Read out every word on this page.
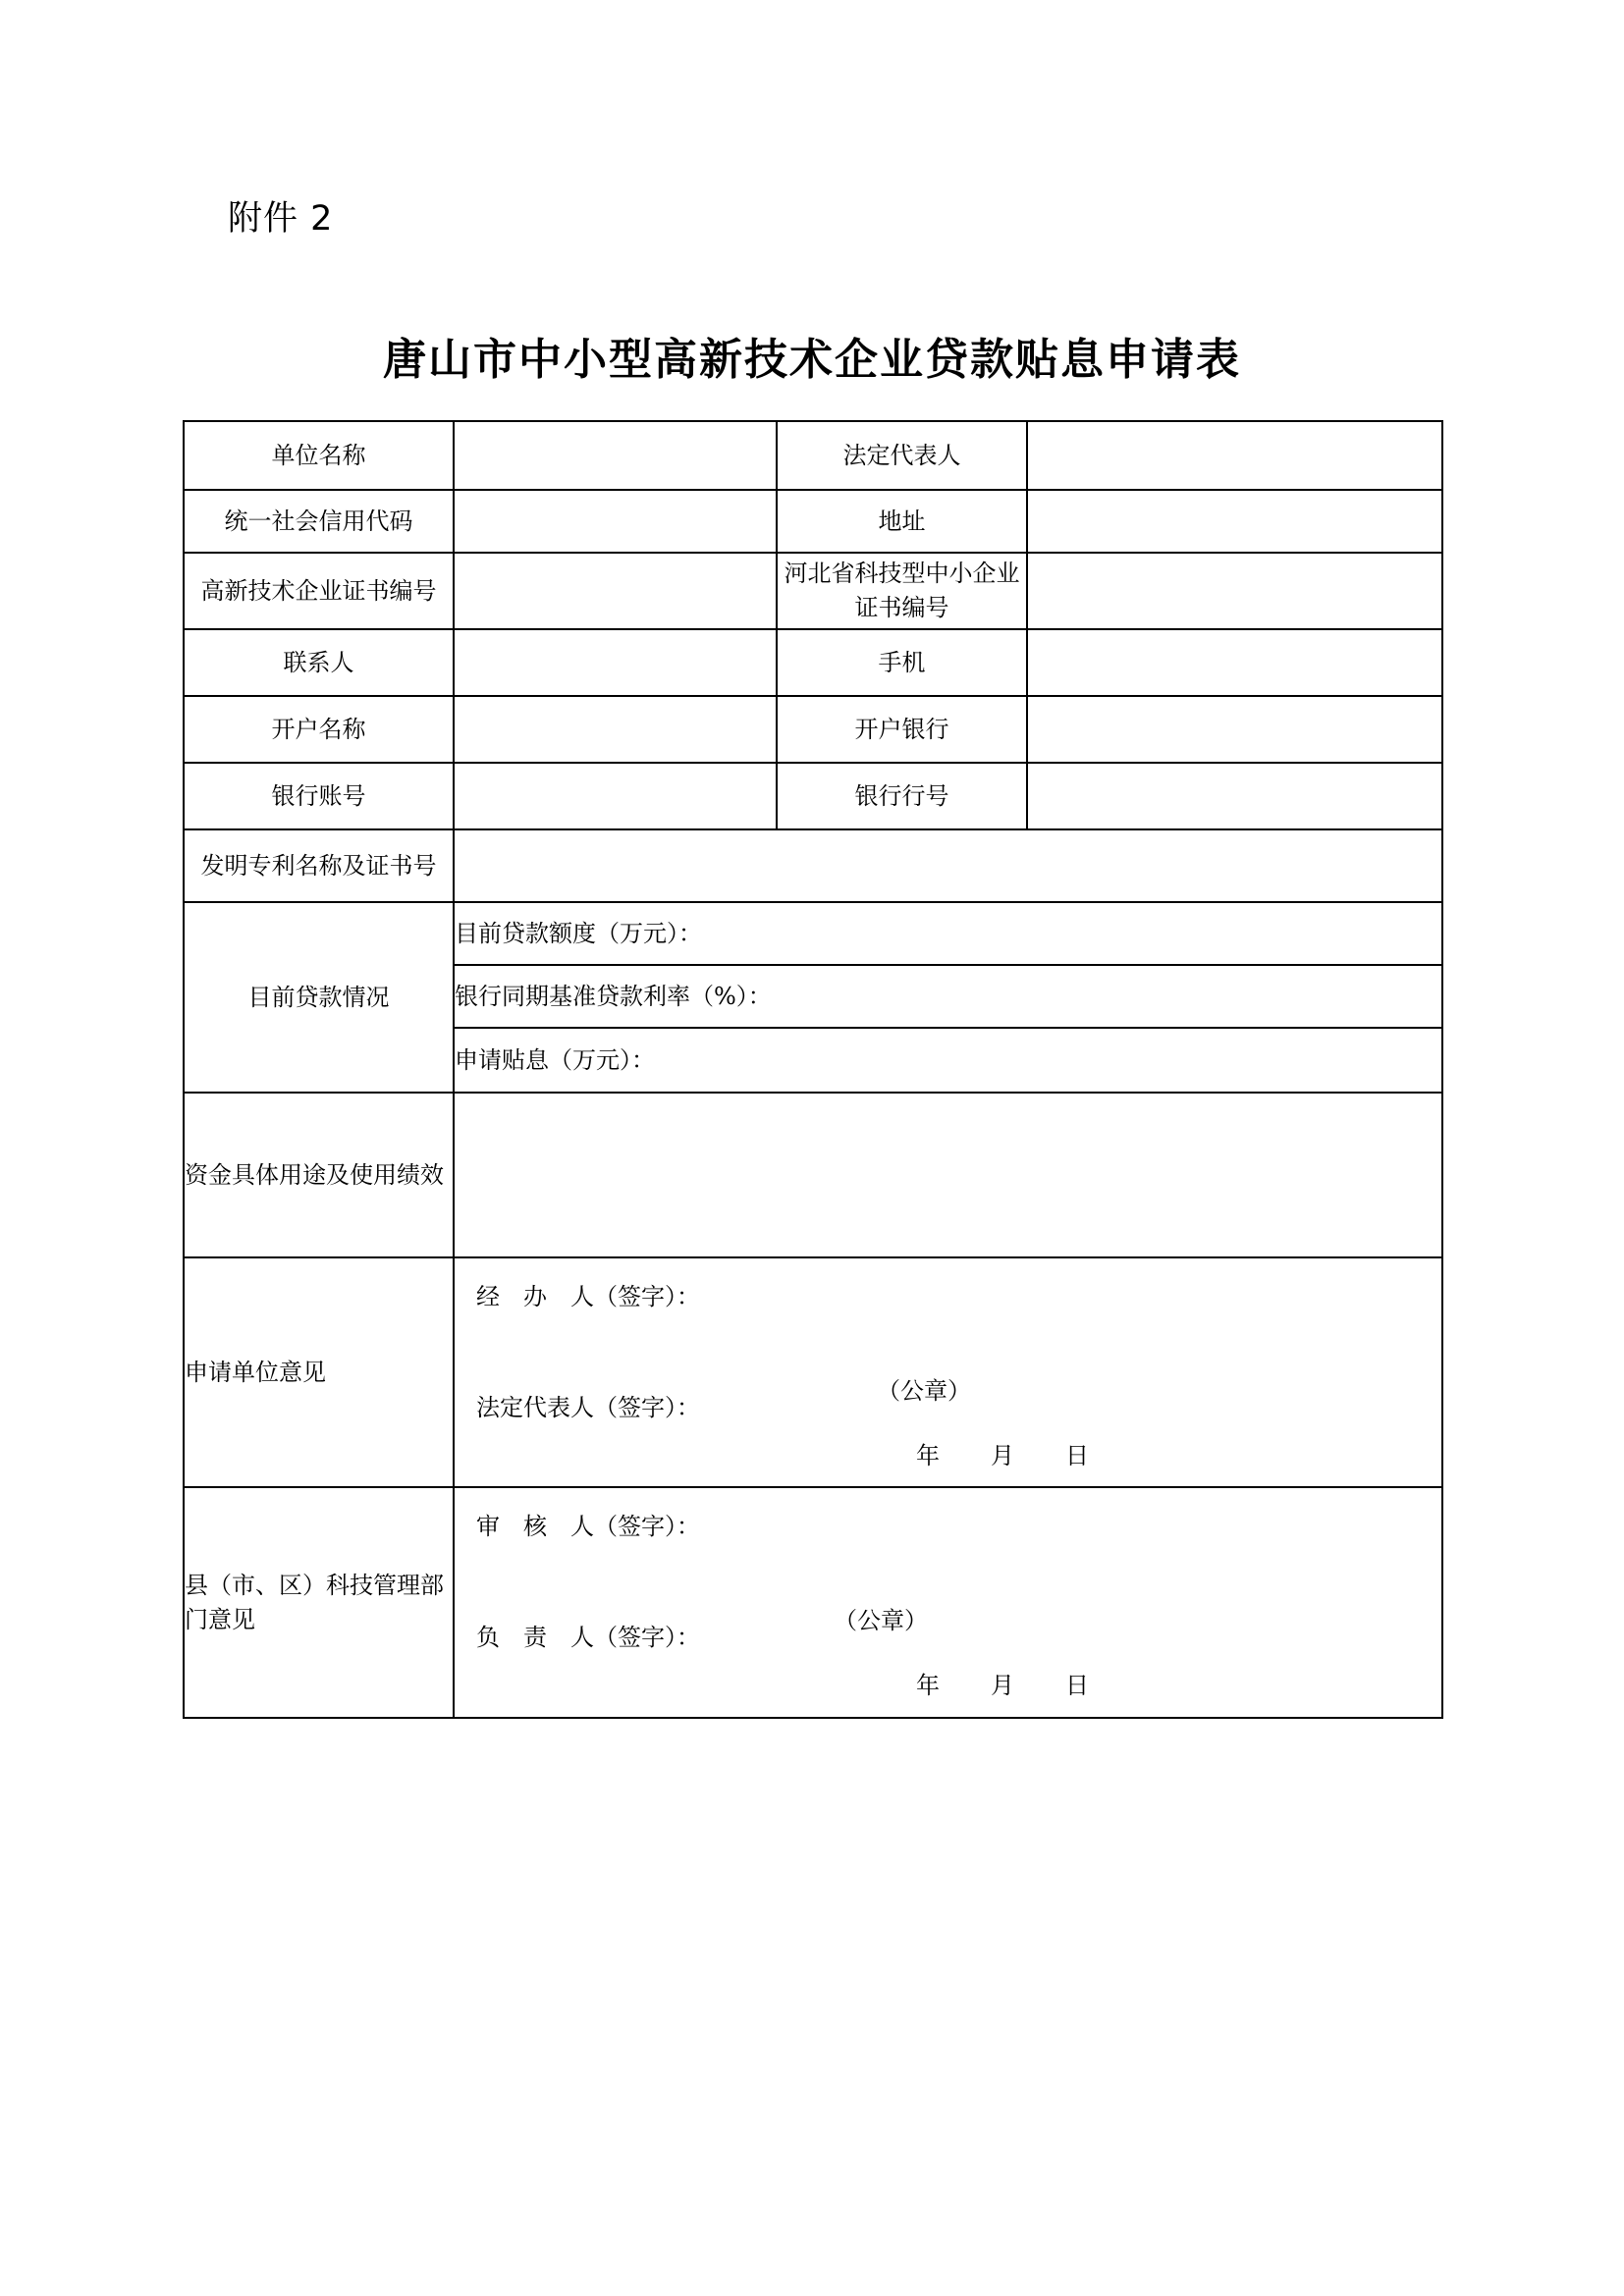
附件 2
唐山市中小型高新技术企业贷款贴息申请表
单位名称		法定代表人	
统一社会信用代码		地址	
高新技术企业证书编号		河北省科技型中小企业证书编号	
联系人		手机	
开户名称		开户银行	
银行账号		银行行号	
发明专利名称及证书号			
目前贷款情况	目前贷款额度（万元）：		
	银行同期基准贷款利率（%）：		
	申请贴息（万元）：		
资金具体用途及使用绩效			
申请单位意见	经　办　人（签字）：
法定代表人（签字）：
（公章）
年　月　日		

县（市、区）科技管理部门意见	审　核　人（签字）：
负　责　人（签字）：
（公章）
年　月　日		
